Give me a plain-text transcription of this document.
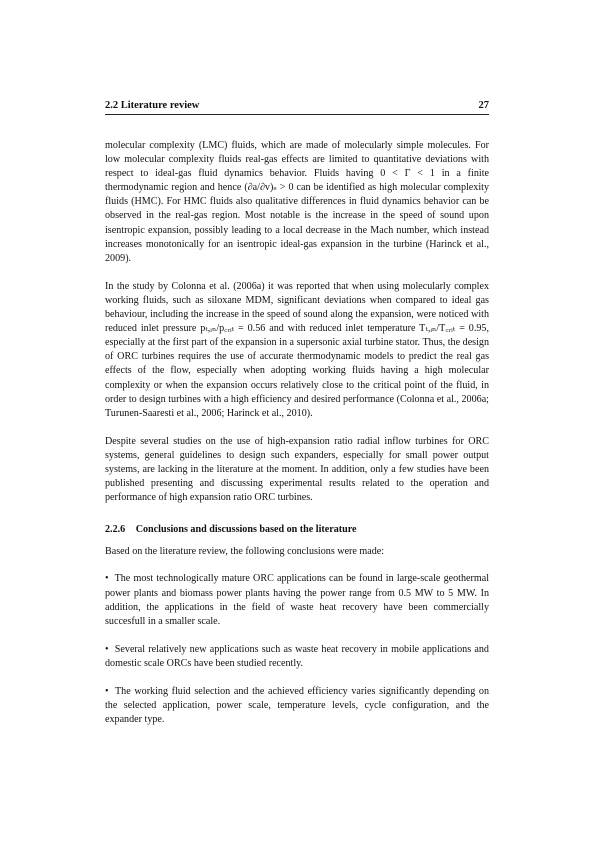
2.2 Literature review	27

molecular complexity (LMC) fluids, which are made of molecularly simple molecules. For low molecular complexity fluids real-gas effects are limited to quantitative deviations with respect to ideal-gas fluid dynamics behavior. Fluids having 0 < Γ < 1 in a finite thermodynamic region and hence (∂a/∂v)ₛ > 0 can be identified as high molecular complexity fluids (HMC). For HMC fluids also qualitative differences in fluid dynamics behavior can be observed in the real-gas region. Most notable is the increase in the speed of sound upon isentropic expansion, possibly leading to a local decrease in the Mach number, which instead increases monotonically for an isentropic ideal-gas expansion in the turbine (Harinck et al., 2009).

In the study by Colonna et al. (2006a) it was reported that when using molecularly complex working fluids, such as siloxane MDM, significant deviations when compared to ideal gas behaviour, including the increase in the speed of sound along the expansion, were noticed with reduced inlet pressure pₜ,ᵢₙ/p꜀ᵣᵢₜ = 0.56 and with reduced inlet temperature Tₜ,ᵢₙ/T꜀ᵣᵢₜ = 0.95, especially at the first part of the expansion in a supersonic axial turbine stator. Thus, the design of ORC turbines requires the use of accurate thermodynamic models to predict the real gas effects of the flow, especially when adopting working fluids having a high molecular complexity or when the expansion occurs relatively close to the critical point of the fluid, in order to design turbines with a high efficiency and desired performance (Colonna et al., 2006a; Turunen-Saaresti et al., 2006; Harinck et al., 2010).

Despite several studies on the use of high-expansion ratio radial inflow turbines for ORC systems, general guidelines to design such expanders, especially for small power output systems, are lacking in the literature at the moment. In addition, only a few studies have been published presenting and discussing experimental results related to the operation and performance of high expansion ratio ORC turbines.

2.2.6 Conclusions and discussions based on the literature

Based on the literature review, the following conclusions were made:

• The most technologically mature ORC applications can be found in large-scale geothermal power plants and biomass power plants having the power range from 0.5 MW to 5 MW. In addition, the applications in the field of waste heat recovery have been commercially succesfull in a smaller scale.

• Several relatively new applications such as waste heat recovery in mobile applications and domestic scale ORCs have been studied recently.

• The working fluid selection and the achieved efficiency varies significantly depending on the selected application, power scale, temperature levels, cycle configuration, and the expander type.
